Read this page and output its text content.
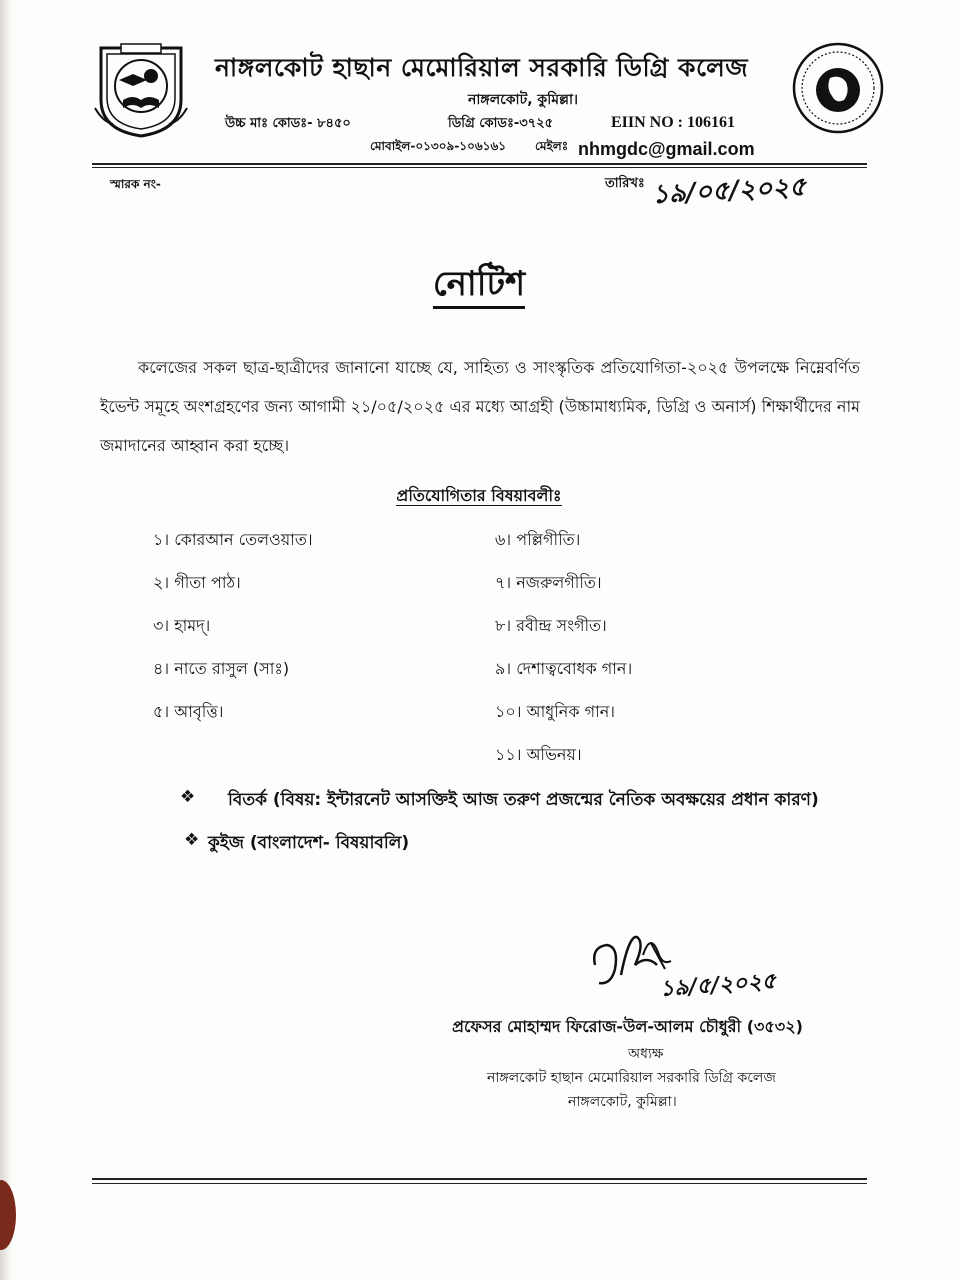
নাঙ্গলকোট হাছান মেমোরিয়াল সরকারি ডিগ্রি কলেজ
নাঙ্গলকোট, কুমিল্লা।
উচ্চ মাঃ কোডঃ- ৮৪৫০	ডিগ্রি কোডঃ-৩৭২৫	EIIN NO : 106161
মোবাইল-০১৩০৯-১০৬১৬১ মেইলঃ nhmgdc@gmail.com
স্মারক নং-	তারিখঃ ১৯/০৫/২০২৫
নোটিশ

কলেজের সকল ছাত্র-ছাত্রীদের জানানো যাচ্ছে যে, সাহিত্য ও সাংস্কৃতিক প্রতিযোগিতা-২০২৫ উপলক্ষে নিম্নেবর্ণিত ইভেন্ট সমূহে অংশগ্রহণের জন্য আগামী ২১/০৫/২০২৫ এর মধ্যে আগ্রহী (উচ্চামাধ্যমিক, ডিগ্রি ও অনার্স) শিক্ষার্থীদের নাম জমাদানের আহ্বান করা হচ্ছে।

প্রতিযোগিতার বিষয়াবলীঃ
১। কোরআন তেলওয়াত।
২। গীতা পাঠ।
৩। হামদ্।
৪। নাতে রাসুল (সাঃ)
৫। আবৃত্তি।
৬। পল্লিগীতি।
৭। নজরুলগীতি।
৮। রবীন্দ্র সংগীত।
৯। দেশাত্ববোধক গান।
১০। আধুনিক গান।
১১। অভিনয়।
❖ বিতর্ক (বিষয়: ইন্টারনেট আসক্তিই আজ তরুণ প্রজন্মের নৈতিক অবক্ষয়ের প্রধান কারণ)
❖ কুইজ (বাংলাদেশ- বিষয়াবলি)
১৯/৫/২০২৫
প্রফেসর মোহাম্মদ ফিরোজ-উল-আলম চৌধুরী (৩৫৩২)
অধ্যক্ষ
নাঙ্গলকোট হাছান মেমোরিয়াল সরকারি ডিগ্রি কলেজ
নাঙ্গলকোট, কুমিল্লা।
